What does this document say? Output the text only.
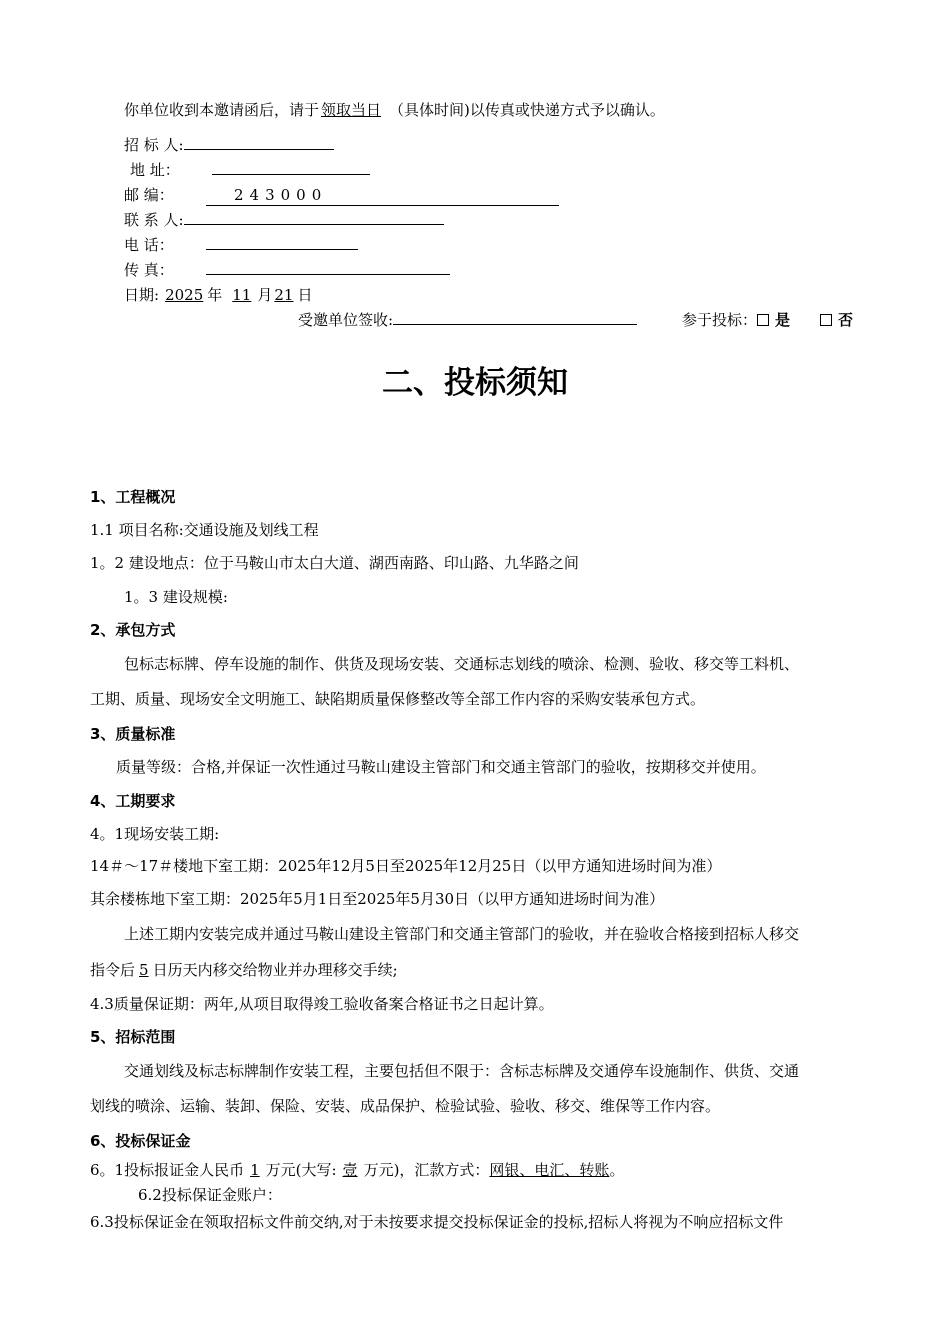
你单位收到本邀请函后，请于 领取当日 （具体时间)以传真或快递方式予以确认。
招 标 人:
地 址：
邮 编：	243000
联 系 人:
电 话：
传 真：
日期: 2025 年 11 月 21 日
受邀单位签收:	参于投标： 是	否
二、投标须知
1、工程概况
1.1 项目名称:交通设施及划线工程
1。2 建设地点：位于马鞍山市太白大道、湖西南路、印山路、九华路之间
1。3 建设规模:
2、承包方式
包标志标牌、停车设施的制作、供货及现场安装、交通标志划线的喷涂、检测、验收、移交等工料机、
工期、质量、现场安全文明施工、缺陷期质量保修整改等全部工作内容的采购安装承包方式。
3、质量标准
质量等级：合格,并保证一次性通过马鞍山建设主管部门和交通主管部门的验收，按期移交并使用。
4、工期要求
4。1现场安装工期:
14＃～17＃楼地下室工期：2025年12月5日至2025年12月25日（以甲方通知进场时间为准）
其余楼栋地下室工期：2025年5月1日至2025年5月30日（以甲方通知进场时间为准）
上述工期内安装完成并通过马鞍山建设主管部门和交通主管部门的验收，并在验收合格接到招标人移交
指令后 5 日历天内移交给物业并办理移交手续;
4.3质量保证期：两年,从项目取得竣工验收备案合格证书之日起计算。
5、招标范围
交通划线及标志标牌制作安装工程，主要包括但不限于：含标志标牌及交通停车设施制作、供货、交通
划线的喷涂、运输、装卸、保险、安装、成品保护、检验试验、验收、移交、维保等工作内容。
6、投标保证金
6。1投标报证金人民币 1 万元(大写: 壹 万元)，汇款方式：网银、电汇、转账。
6.2投标保证金账户：
6.3投标保证金在领取招标文件前交纳,对于未按要求提交投标保证金的投标,招标人将视为不响应招标文件
